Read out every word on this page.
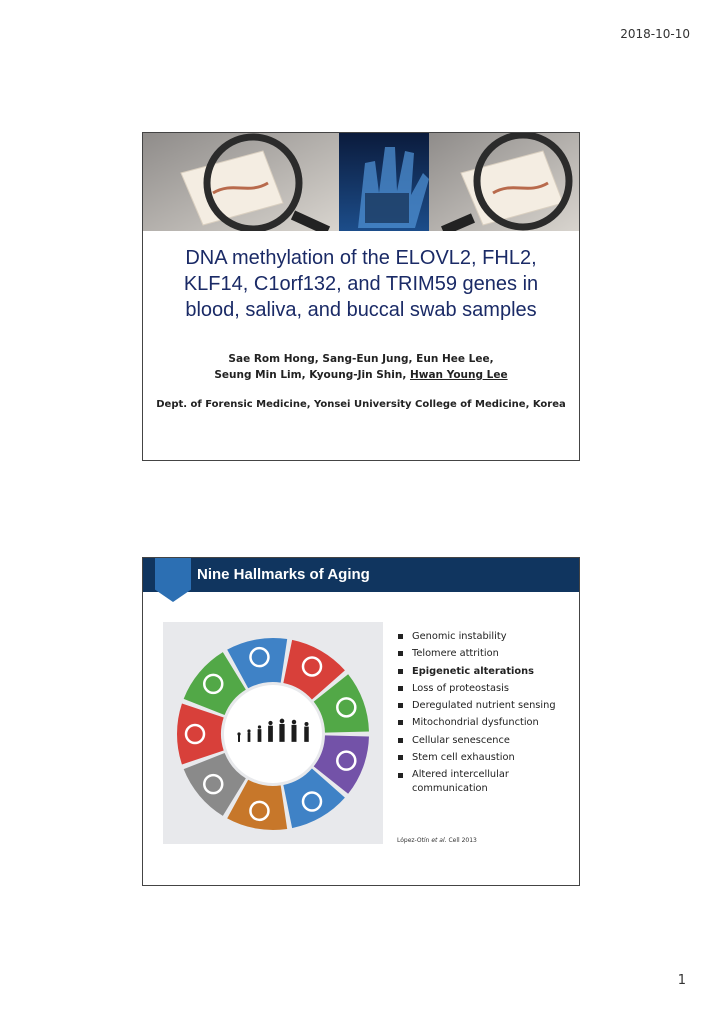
2018-10-10
DNA methylation of the ELOVL2, FHL2,
KLF14, C1orf132, and TRIM59 genes in
blood, saliva, and buccal swab samples
Sae Rom Hong, Sang-Eun Jung, Eun Hee Lee,
Seung Min Lim, Kyoung-Jin Shin, Hwan Young Lee
Dept. of Forensic Medicine, Yonsei University College of Medicine, Korea
Nine Hallmarks of Aging
Genomic instability
Telomere attrition
Epigenetic alterations
Loss of proteostasis
Deregulated nutrient sensing
Mitochondrial dysfunction
Cellular senescence
Stem cell exhaustion
Altered intercellular communication
López-Otín et al. Cell 2013
1
